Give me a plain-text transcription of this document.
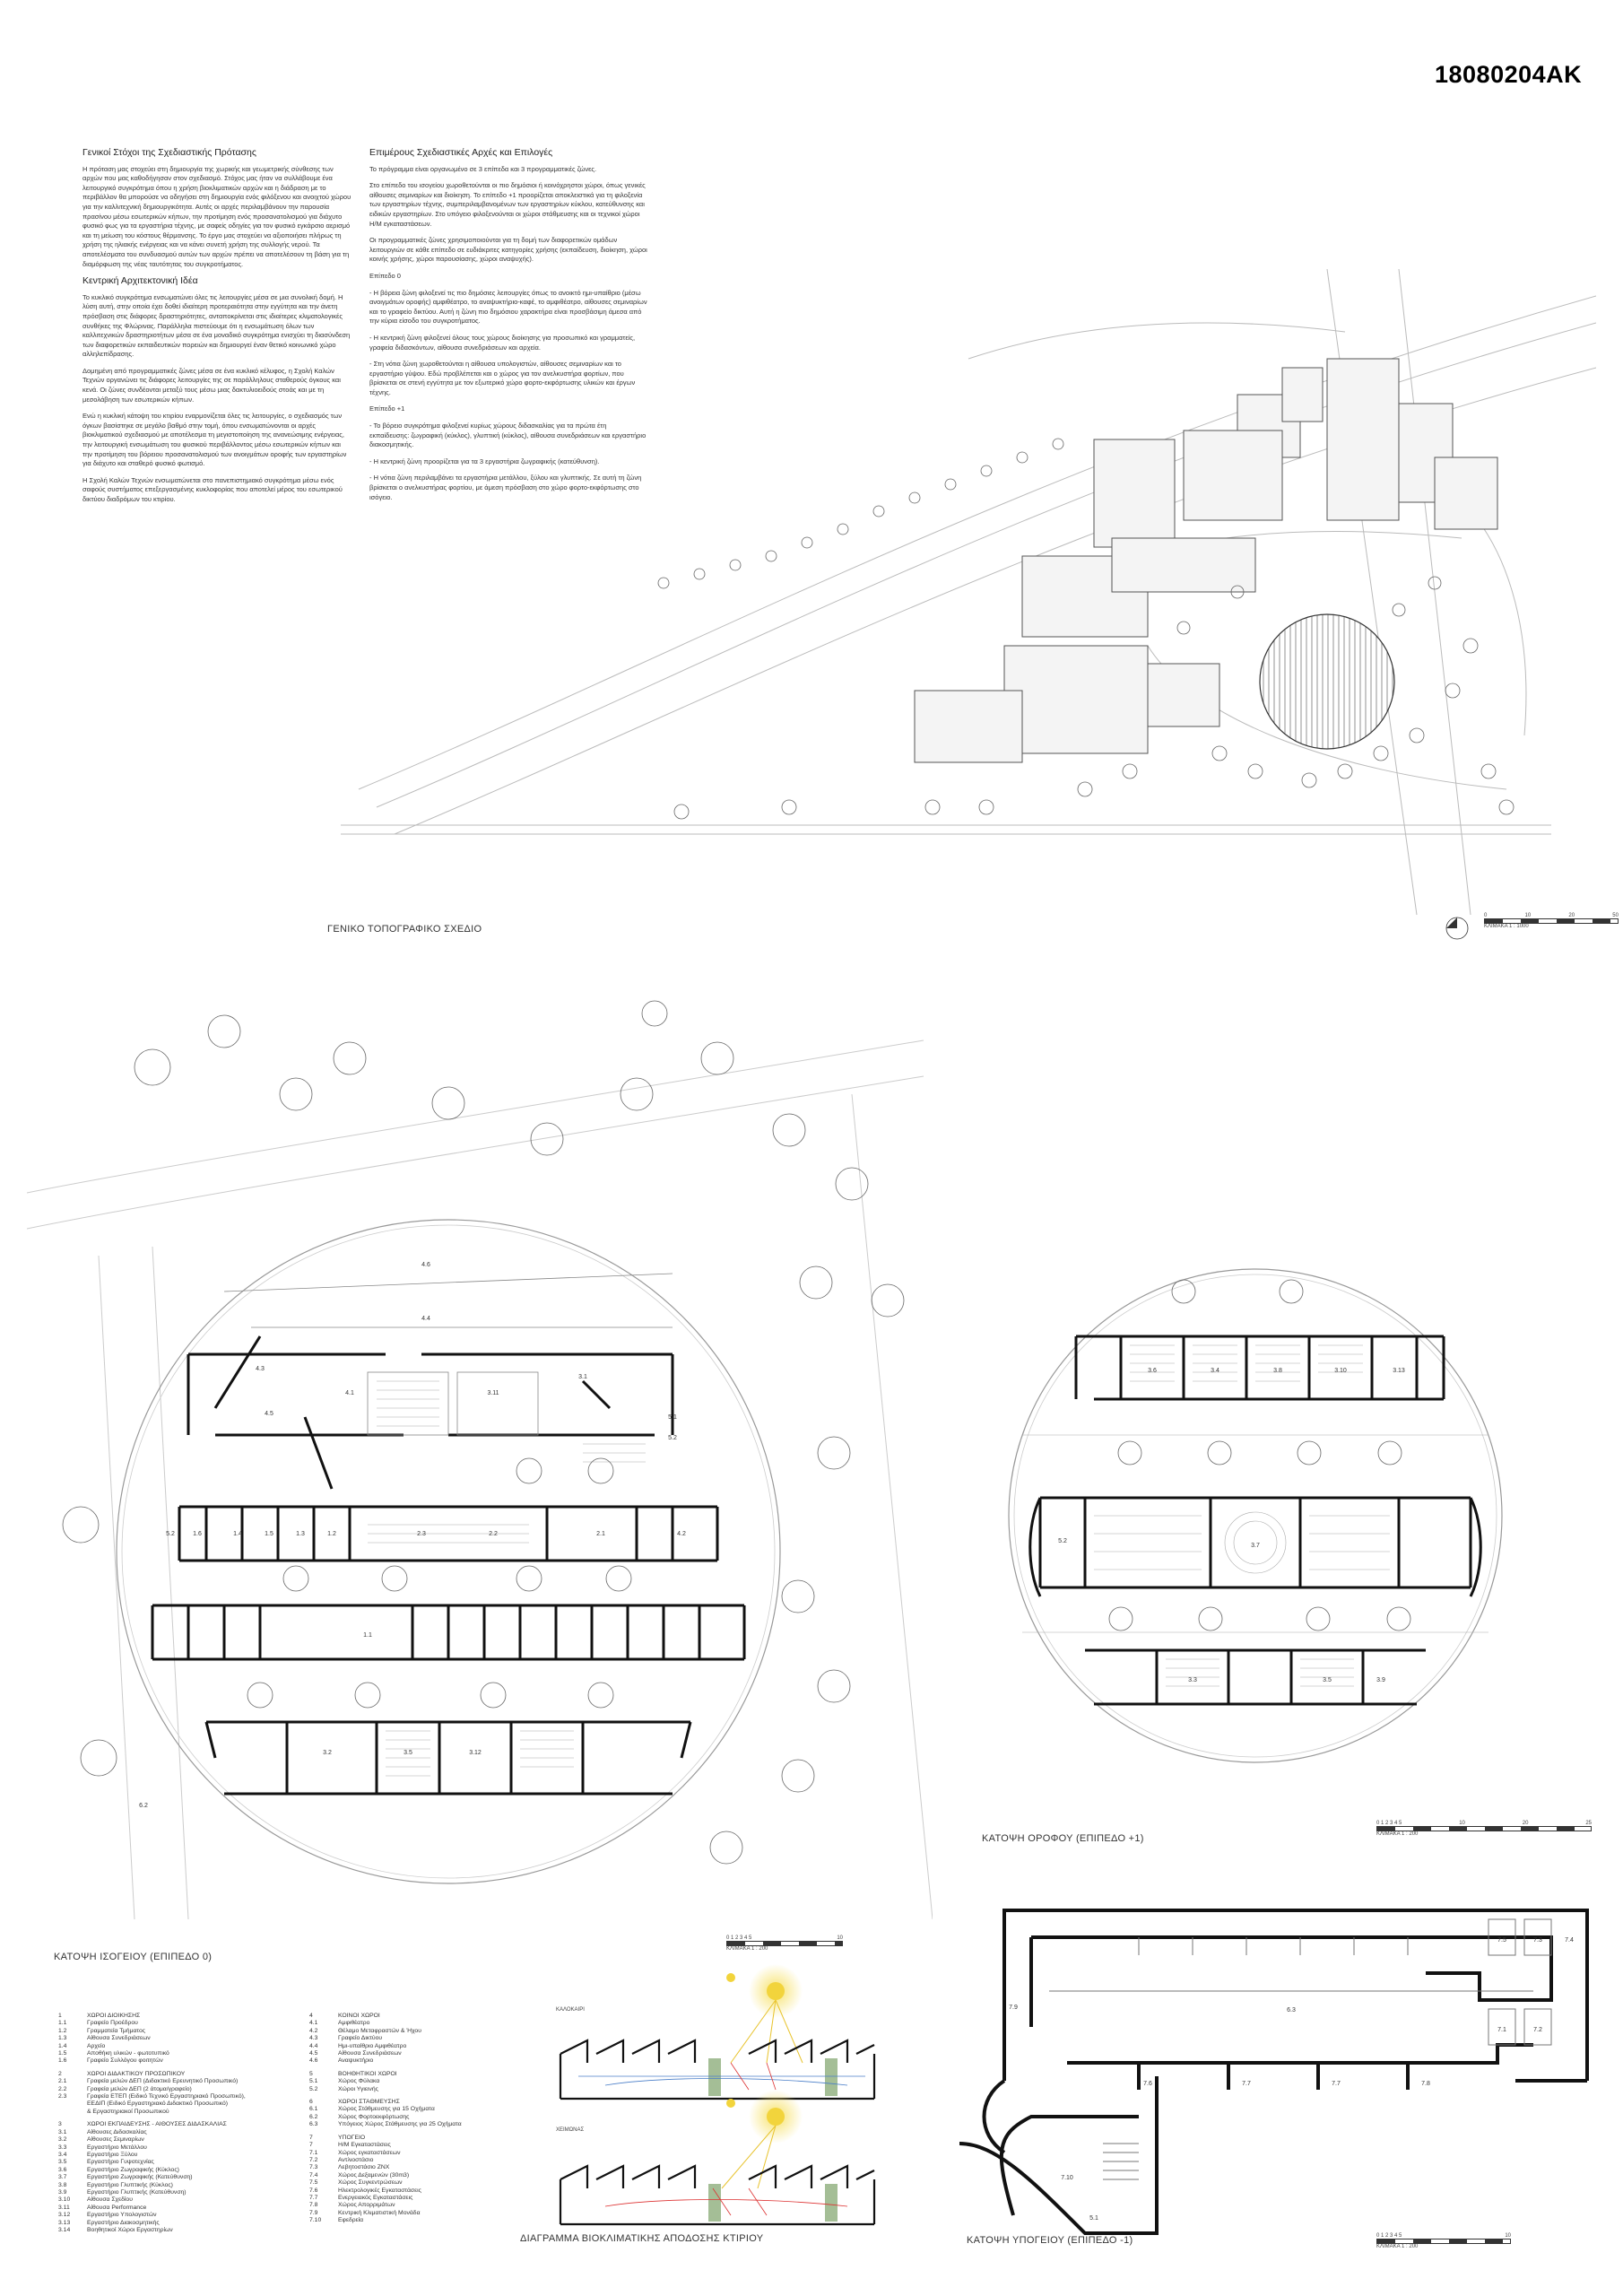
18080204AK
Γενικοί Στόχοι της Σχεδιαστικής Πρότασης

Η πρόταση μας στοχεύει στη δημιουργία της χωρικής και γεωμετρικής σύνθεσης των αρχών που μας καθοδήγησαν στον σχεδιασμό. Στόχος μας ήταν να συλλάβουμε ένα λειτουργικό συγκρότημα όπου η χρήση βιοκλιματικών αρχών και η διάδραση με το περιβάλλον θα μπορούσε να οδηγήσει στη δημιουργία ενός φιλόξενου και ανοιχτού χώρου για την καλλιτεχνική δημιουργικότητα. Αυτές οι αρχές περιλαμβάνουν την παρουσία πρασίνου μέσω εσωτερικών κήπων, την προτίμηση ενός προσανατολισμού για διάχυτο φυσικό φως για τα εργαστήρια τέχνης, με σαφείς οδηγίες για τον φυσικό εγκάρσιο αερισμό και τη μείωση του κόστους θέρμανσης. Το έργο μας στοχεύει να αξιοποιήσει πλήρως τη χρήση της ηλιακής ενέργειας και να κάνει συνετή χρήση της συλλογής νερού. Τα αποτελέσματα του συνδυασμού αυτών των αρχών πρέπει να αποτελέσουν τη βάση για τη διαμόρφωση της νέας ταυτότητας του συγκροτήματος.

Κεντρική Αρχιτεκτονική Ιδέα

Το κυκλικό συγκρότημα ενσωματώνει όλες τις λειτουργίες μέσα σε μια συνολική δομή. Η λύση αυτή, στην οποία έχει δοθεί ιδιαίτερη προτεραιότητα στην εγγύτητα και την άνετη πρόσβαση στις διάφορες δραστηριότητες, ανταποκρίνεται στις ιδιαίτερες κλιματολογικές συνθήκες της Φλώρινας. Παράλληλα πιστεύουμε ότι η ενσωμάτωση όλων των καλλιτεχνικών δραστηριοτήτων μέσα σε ένα μοναδικό συγκρότημα ενισχύει τη διασύνδεση των διαφορετικών εκπαιδευτικών πορειών και δημιουργεί έναν θετικό κοινωνικό χώρο αλληλεπίδρασης.

Δομημένη από προγραμματικές ζώνες μέσα σε ένα κυκλικό κέλυφος, η Σχολή Καλών Τεχνών οργανώνει τις διάφορες λειτουργίες της σε παράλληλους σταθερούς όγκους και κενά. Οι ζώνες συνδέονται μεταξύ τους μέσω μιας δακτυλιοειδούς στοάς και με τη μεσολάβηση των εσωτερικών κήπων.

Ενώ η κυκλική κάτοψη του κτιρίου εναρμονίζεται όλες τις λειτουργίες, ο σχεδιασμός των όγκων βασίστηκε σε μεγάλο βαθμό στην τομή, όπου ενσωματώνονται οι αρχές βιοκλιματικού σχεδιασμού με αποτέλεσμα τη μεγιστοποίηση της ανανεώσιμης ενέργειας, την λειτουργική ενσωμάτωση του φυσικού περιβάλλοντος μέσω εσωτερικών κήπων και την προτίμηση του βόρειου προσανατολισμού των ανοιγμάτων οροφής των εργαστηρίων για διάχυτο και σταθερό φυσικό φωτισμό.

Η Σχολή Καλών Τεχνών ενσωματώνεται στο πανεπιστημιακό συγκρότημα μέσω ενός σαφούς συστήματος επεξεργασμένης κυκλοφορίας που αποτελεί μέρος του εσωτερικού δικτύου διαδρόμων του κτιρίου.

Επιμέρους Σχεδιαστικές Αρχές και Επιλογές

Το πρόγραμμα είναι οργανωμένο σε 3 επίπεδα και 3 προγραμματικές ζώνες.

Στο επίπεδο του ισογείου χωροθετούνται οι πιο δημόσιοι ή κοινόχρηστοι χώροι, όπως γενικές αίθουσες σεμιναρίων και διοίκηση. Το επίπεδο +1 προορίζεται αποκλειστικά για τη φιλοξενία των εργαστηρίων τέχνης, συμπεριλαμβανομένων των εργαστηρίων κύκλου, κατεύθυνσης και ειδικών εργαστηρίων. Στο υπόγειο φιλοξενούνται οι χώροι στάθμευσης και οι τεχνικοί χώροι Η/Μ εγκαταστάσεων.

Οι προγραμματικές ζώνες χρησιμοποιούνται για τη δομή των διαφορετικών ομάδων λειτουργιών σε κάθε επίπεδο σε ευδιάκριτες κατηγορίες χρήσης (εκπαίδευση, διοίκηση, χώροι κοινής χρήσης, χώροι παρουσίασης, χώροι αναψυχής).

Επίπεδο 0

- Η βόρεια ζώνη φιλοξενεί τις πιο δημόσιες λειτουργίες όπως το ανοικτό ημι-υπαίθριο (μέσω ανοιγμάτων οροφής) αμφιθέατρο, το αναψυκτήριο-καφέ, το αμφιθέατρο, αίθουσες σεμιναρίων και το γραφείο δικτύου. Αυτή η ζώνη πιο δημόσιου χαρακτήρα είναι προσβάσιμη άμεσα από την κύρια είσοδο του συγκροτήματος.

- Η κεντρική ζώνη φιλοξενεί όλους τους χώρους διοίκησης για προσωπικό και γραμματείς, γραφεία διδασκόντων, αίθουσα συνεδριάσεων και αρχεία.

- Στη νότια ζώνη χωροθετούνται η αίθουσα υπολογιστών, αίθουσες σεμιναρίων και το εργαστήριο γύψου. Εδώ προβλέπεται και ο χώρος για τον ανελκυστήρα φορτίων, που βρίσκεται σε στενή εγγύτητα με τον εξωτερικό χώρο φορτο-εκφόρτωσης υλικών και έργων τέχνης.

Επίπεδο +1

- Το βόρειο συγκρότημα φιλοξενεί κυρίως χώρους διδασκαλίας για τα πρώτα έτη εκπαίδευσης: ζωγραφική (κύκλος), γλυπτική (κύκλος), αίθουσα συνεδριάσεων και εργαστήριο διακοσμητικής.

- Η κεντρική ζώνη προορίζεται για τα 3 εργαστήρια ζωγραφικής (κατεύθυνση).

- Η νότια ζώνη περιλαμβάνει τα εργαστήρια μετάλλου, ξύλου και γλυπτικής. Σε αυτή τη ζώνη βρίσκεται ο ανελκυστήρας φορτίου, με άμεση πρόσβαση στο χώρο φορτο-εκφόρτωσης στο ισόγειο.

ΓΕΝΙΚΟ ΤΟΠΟΓΡΑΦΙΚΟ ΣΧΕΔΙΟ
0	10	20	50
ΚΛΙΜΑΚΑ 1 : 1000
4.6
4.4
4.3
4.1	3.11
3.1
4.5
5.1
5.2
4.2
1.6	1.4	1.5	1.3	1.2	2.3	2.2	2.1
1.1
3.2	3.5	3.12
6.2
5.2
ΚΑΤΟΨΗ ΙΣΟΓΕΙΟΥ (ΕΠΙΠΕΔΟ 0)
0 1 2 3 4 5	10
ΚΛΙΜΑΚΑ 1 : 200
3.6	3.4	3.8	3.10	3.13
3.7
3.3	3.5	3.9
5.2
ΚΑΤΟΨΗ ΟΡΟΦΟΥ (ΕΠΙΠΕΔΟ +1)
0 1 2 3 4 5	10	20	25
ΚΛΙΜΑΚΑ 1 : 200
1	ΧΩΡΟΙ ΔΙΟΙΚΗΣΗΣ
1.1	Γραφείο Προέδρου
1.2	Γραμματεία Τμήματος
1.3	Αίθουσα Συνεδριάσεων
1.4	Αρχείο
1.5	Αποθήκη υλικών - φωτοτυπικό
1.6	Γραφείο Συλλόγου φοιτητών
2	ΧΩΡΟΙ ΔΙΔΑΚΤΙΚΟΥ ΠΡΟΣΩΠΙΚΟΥ
2.1	Γραφεία μελών ΔΕΠ (Διδακτικό Ερευνητικό Προσωπικό)
2.2	Γραφεία μελών ΔΕΠ (2 άτομα/γραφείο)
2.3	Γραφεία ΕΤΕΠ (Ειδικό Τεχνικό Εργαστηριακό Προσωπικό),
ΕΕΔΙΠ (Ειδικό Εργαστηριακό Διδακτικό Προσωπικό)
& Εργαστηριακοί Προσωπικού
3	ΧΩΡΟΙ ΕΚΠΑΙΔΕΥΣΗΣ - ΑΙΘΟΥΣΕΣ ΔΙΔΑΣΚΑΛΙΑΣ
3.1	Αίθουσες Διδασκαλίας
3.2	Αίθουσες Σεμιναρίων
3.3	Εργαστήριο Μετάλλου
3.4	Εργαστήριο Ξύλου
3.5	Εργαστήριο Γυψοτεχνίας
3.6	Εργαστήριο Ζωγραφικής (Κύκλος)
3.7	Εργαστήριο Ζωγραφικής (Κατεύθυνση)
3.8	Εργαστήριο Γλυπτικής (Κύκλος)
3.9	Εργαστήριο Γλυπτικής (Κατεύθυνση)
3.10	Αίθουσα Σχεδίου
3.11	Αίθουσα Performance
3.12	Εργαστήριο Υπολογιστών
3.13	Εργαστήριο Διακοσμητικής
3.14	Βοηθητικοί Χώροι Εργαστηρίων
4	ΚΟΙΝΟΙ ΧΩΡΟΙ
4.1	Αμφιθέατρο
4.2	Θέλαμο Μεταφραστών & Ήχου
4.3	Γραφείο Δικτύου
4.4	Ημι-υπαίθριο Αμφιθέατρο
4.5	Αίθουσα Συνεδριάσεων
4.6	Αναψυκτήριο
5	ΒΟΗΘΗΤΙΚΟΙ ΧΩΡΟΙ
5.1	Χώρος Φύλακα
5.2	Χώροι Υγιεινής
6	ΧΩΡΟΙ ΣΤΑΘΜΕΥΣΗΣ
6.1	Χώρος Στάθμευσης για 15 Οχήματα
6.2	Χώρος Φορτοεκφόρτωσης
6.3	Υπόγειος Χώρος Στάθμευσης για 25 Οχήματα
7	ΥΠΟΓΕΙΟ
7	Η/Μ Εγκαταστάσεις
7.1	Χώρος εγκαταστάσεων
7.2	Αντλιοστάσιο
7.3	Λεβητοστάσιο ΖΝΧ
7.4	Χώρος Δεξαμενών (30m3)
7.5	Χώρος Συγκεντρώσεων
7.6	Ηλεκτρολογικές Εγκαταστάσεις
7.7	Ενεργειακός Εγκαταστάσεις
7.8	Χώρος Απορριμάτων
7.9	Κεντρική Κλιματιστική Μονάδα
7.10	Εφεδρεία
ΚΑΛΟΚΑΙΡΙ
ΧΕΙΜΩΝΑΣ
ΔΙΑΓΡΑΜΜΑ ΒΙΟΚΛΙΜΑΤΙΚΗΣ ΑΠΟΔΟΣΗΣ ΚΤΙΡΙΟΥ
7.9	6.3
7.6	7.7	7.7	7.8
7.10
5.1
7.5	7.3	7.4
7.1	7.2
ΚΑΤΟΨΗ ΥΠΟΓΕΙΟΥ (ΕΠΙΠΕΔΟ -1)	0 1 2 3 4 5	10
ΚΛΙΜΑΚΑ 1 : 200
